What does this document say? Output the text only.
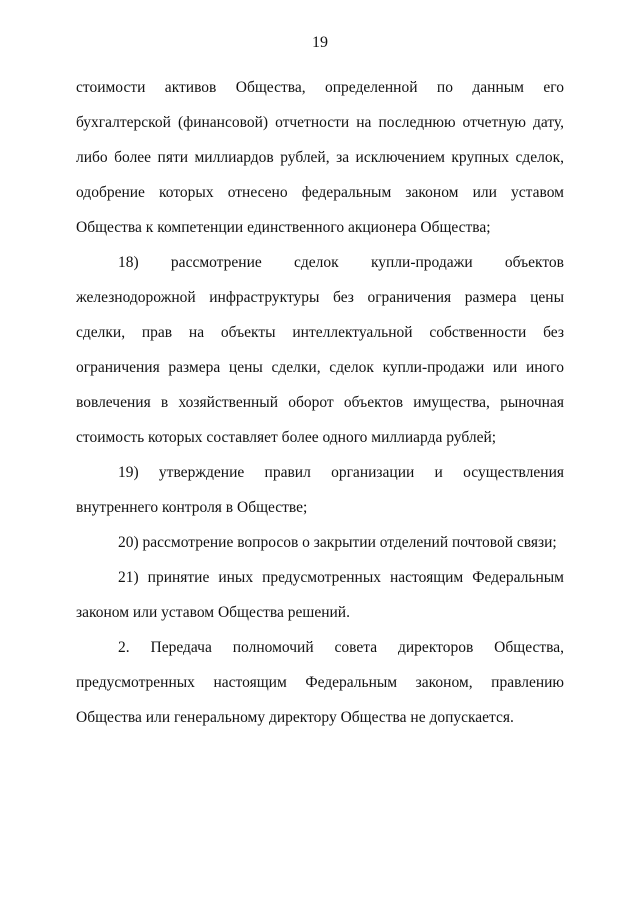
19

стоимости активов Общества, определенной по данным его бухгалтерской (финансовой) отчетности на последнюю отчетную дату, либо более пяти миллиардов рублей, за исключением крупных сделок, одобрение которых отнесено федеральным законом или уставом Общества к компетенции единственного акционера Общества;

18) рассмотрение сделок купли-продажи объектов железнодорожной инфраструктуры без ограничения размера цены сделки, прав на объекты интеллектуальной собственности без ограничения размера цены сделки, сделок купли-продажи или иного вовлечения в хозяйственный оборот объектов имущества, рыночная стоимость которых составляет более одного миллиарда рублей;

19) утверждение правил организации и осуществления внутреннего контроля в Обществе;

20) рассмотрение вопросов о закрытии отделений почтовой связи;

21) принятие иных предусмотренных настоящим Федеральным законом или уставом Общества решений.

2. Передача полномочий совета директоров Общества, предусмотренных настоящим Федеральным законом, правлению Общества или генеральному директору Общества не допускается.
